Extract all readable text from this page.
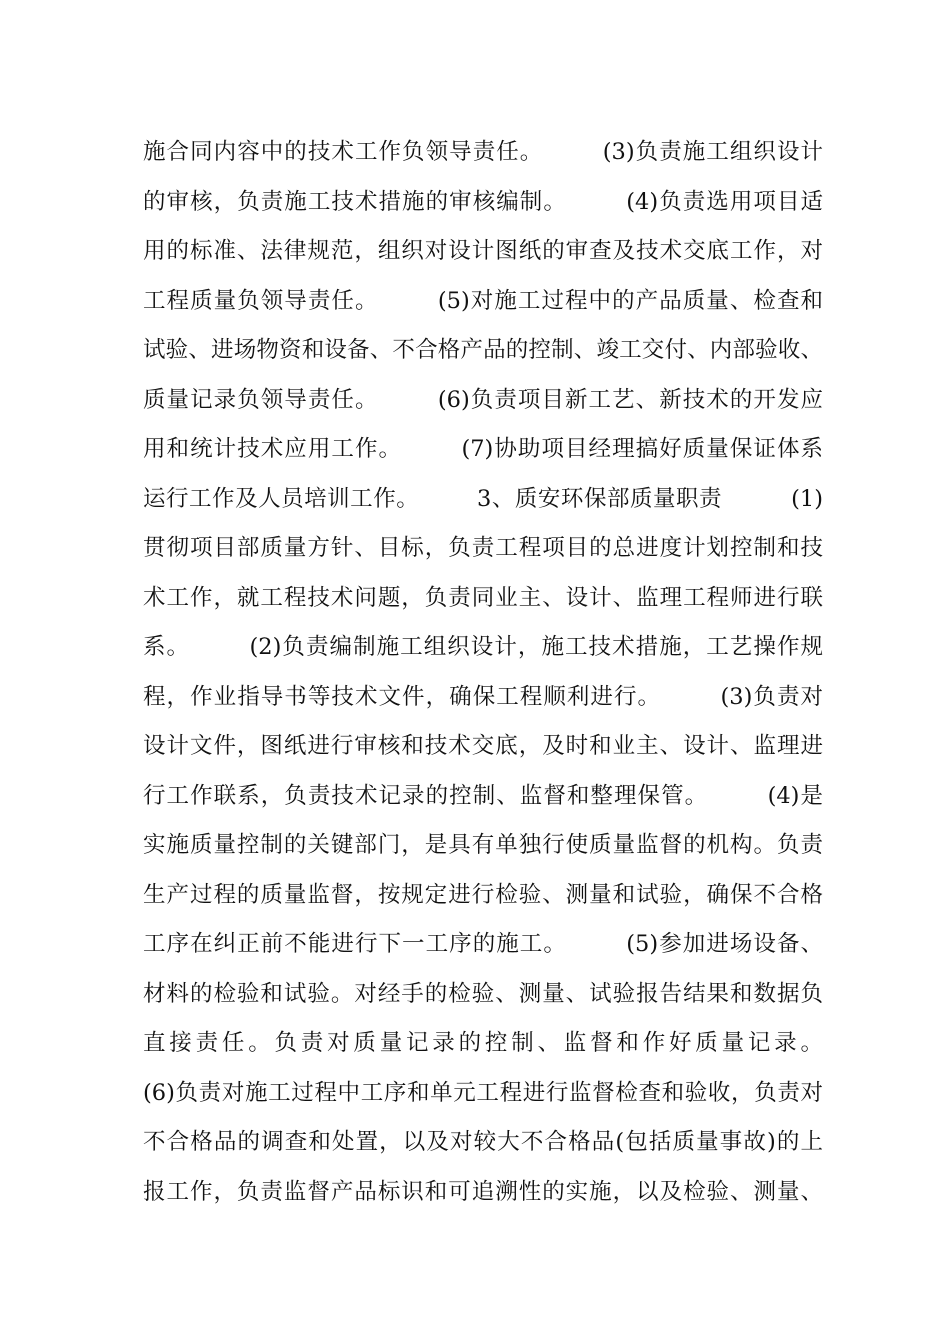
施合同内容中的技术工作负领导责任。　　　(3)负责施工组织设计
的审核，负责施工技术措施的审核编制。　　　(4)负责选用项目适
用的标准、法律规范，组织对设计图纸的审查及技术交底工作，对
工程质量负领导责任。　　　(5)对施工过程中的产品质量、检查和
试验、进场物资和设备、不合格产品的控制、竣工交付、内部验收、
质量记录负领导责任。　　　(6)负责项目新工艺、新技术的开发应
用和统计技术应用工作。　　　(7)协助项目经理搞好质量保证体系
运行工作及人员培训工作。　　　3、质安环保部质量职责　　　(1)
贯彻项目部质量方针、目标，负责工程项目的总进度计划控制和技
术工作，就工程技术问题，负责同业主、设计、监理工程师进行联
系。　　　(2)负责编制施工组织设计，施工技术措施，工艺操作规
程，作业指导书等技术文件，确保工程顺利进行。　　　(3)负责对
设计文件，图纸进行审核和技术交底，及时和业主、设计、监理进
行工作联系，负责技术记录的控制、监督和整理保管。　　　(4)是
实施质量控制的关键部门，是具有单独行使质量监督的机构。负责
生产过程的质量监督，按规定进行检验、测量和试验，确保不合格
工序在纠正前不能进行下一工序的施工。　　　(5)参加进场设备、
材料的检验和试验。对经手的检验、测量、试验报告结果和数据负
直接责任。负责对质量记录的控制、监督和作好质量记录。
(6)负责对施工过程中工序和单元工程进行监督检查和验收，负责对
不合格品的调查和处置，以及对较大不合格品(包括质量事故)的上
报工作，负责监督产品标识和可追溯性的实施，以及检验、测量、
